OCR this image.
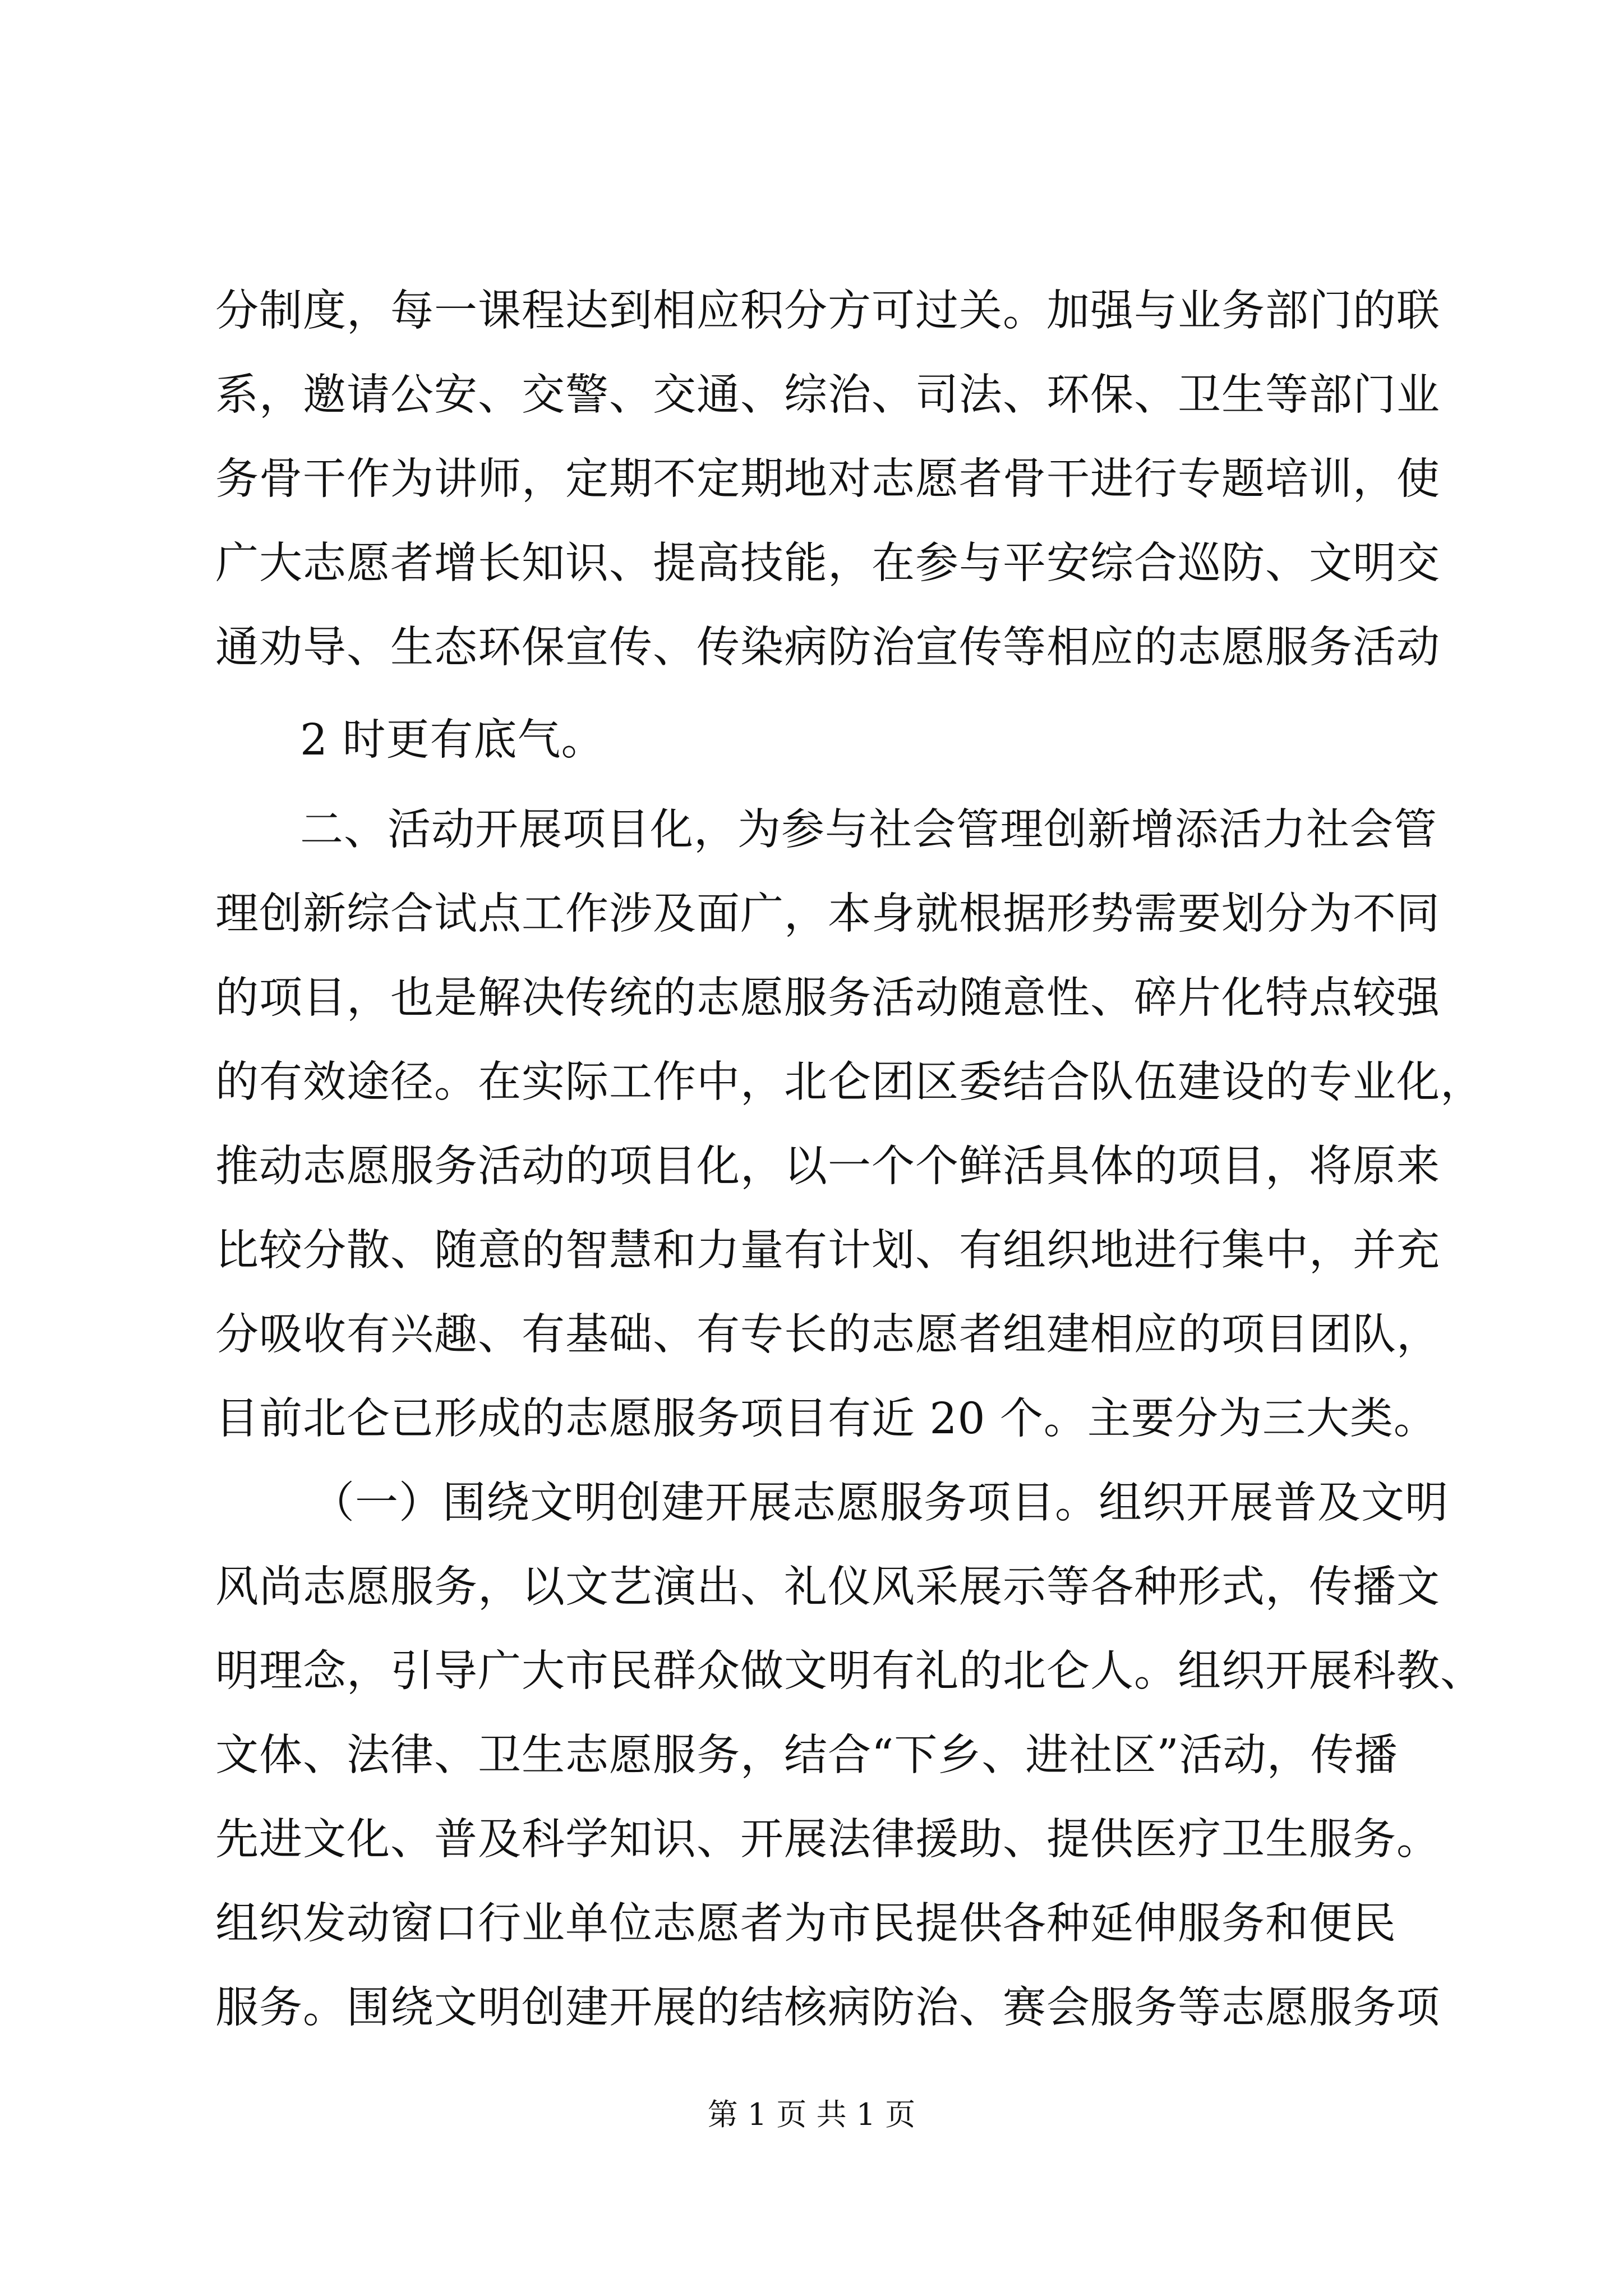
分制度，每一课程达到相应积分方可过关。加强与业务部门的联
系，邀请公安、交警、交通、综治、司法、环保、卫生等部门业
务骨干作为讲师，定期不定期地对志愿者骨干进行专题培训，使
广大志愿者增长知识、提高技能，在参与平安综合巡防、文明交
通劝导、生态环保宣传、传染病防治宣传等相应的志愿服务活动
2 时更有底气。
二、活动开展项目化，为参与社会管理创新增添活力社会管
理创新综合试点工作涉及面广，本身就根据形势需要划分为不同
的项目，也是解决传统的志愿服务活动随意性、碎片化特点较强
的有效途径。在实际工作中，北仑团区委结合队伍建设的专业化，
推动志愿服务活动的项目化，以一个个鲜活具体的项目，将原来
比较分散、随意的智慧和力量有计划、有组织地进行集中，并充
分吸收有兴趣、有基础、有专长的志愿者组建相应的项目团队，
目前北仑已形成的志愿服务项目有近 20 个。主要分为三大类。
（一）围绕文明创建开展志愿服务项目。组织开展普及文明
风尚志愿服务，以文艺演出、礼仪风采展示等各种形式，传播文
明理念，引导广大市民群众做文明有礼的北仑人。组织开展科教、
文体、法律、卫生志愿服务，结合“下乡、进社区”活动，传播
先进文化、普及科学知识、开展法律援助、提供医疗卫生服务。
组织发动窗口行业单位志愿者为市民提供各种延伸服务和便民
服务。围绕文明创建开展的结核病防治、赛会服务等志愿服务项
第 1 页 共 1 页
